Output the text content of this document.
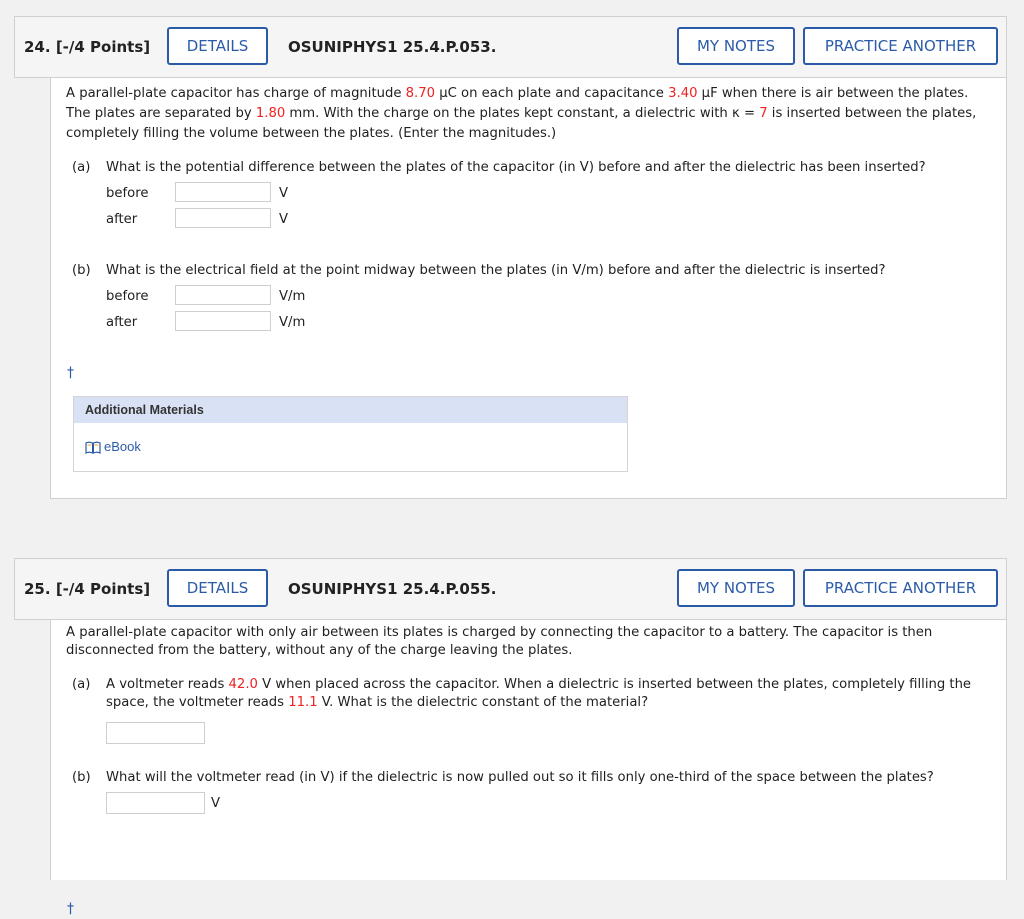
24. [-/4 Points]	DETAILS	OSUNIPHYS1 25.4.P.053.	MY NOTES	PRACTICE ANOTHER
A parallel-plate capacitor has charge of magnitude 8.70 μC on each plate and capacitance 3.40 μF when there is air between the plates. The plates are separated by 1.80 mm. With the charge on the plates kept constant, a dielectric with κ = 7 is inserted between the plates, completely filling the volume between the plates. (Enter the magnitudes.)
(a) What is the potential difference between the plates of the capacitor (in V) before and after the dielectric has been inserted?
before	V
after	V
(b) What is the electrical field at the point midway between the plates (in V/m) before and after the dielectric is inserted?
before	V/m
after	V/m
†
Additional Materials
eBook
25. [-/4 Points]	DETAILS	OSUNIPHYS1 25.4.P.055.	MY NOTES	PRACTICE ANOTHER
A parallel-plate capacitor with only air between its plates is charged by connecting the capacitor to a battery. The capacitor is then disconnected from the battery, without any of the charge leaving the plates.
(a) A voltmeter reads 42.0 V when placed across the capacitor. When a dielectric is inserted between the plates, completely filling the space, the voltmeter reads 11.1 V. What is the dielectric constant of the material?
(b) What will the voltmeter read (in V) if the dielectric is now pulled out so it fills only one-third of the space between the plates?
V
†
